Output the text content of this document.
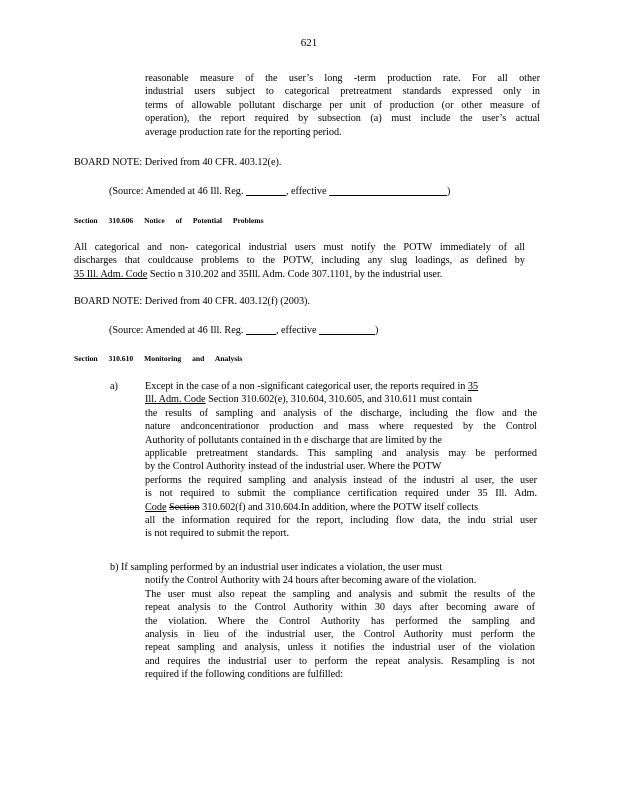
621
reasonable measure of the user’s long -term production rate. For all other
industrial users subject to categorical pretreatment standards expressed only in
terms of allowable pollutant discharge per unit of production (or other measure of
operation), the report required by subsection (a) must include the user’s actual
average production rate for the reporting period.
BOARD NOTE: Derived from 40 CFR. 403.12(e).
(Source: Amended at 46 Ill. Reg.	, effective	)
Section 310.606 Notice of Potential Problems
All categorical and non- categorical industrial users must notify the POTW immediately of all
discharges that couldcause problems to the POTW, including any slug loadings, as defined by
35 Ill. Adm. Code Sectio n 310.202 and 35Ill. Adm. Code 307.1101, by the industrial user.
BOARD NOTE: Derived from 40 CFR. 403.12(f) (2003).
(Source: Amended at 46 Ill. Reg.	, effective	)
Section 310.610 Monitoring and Analysis
a)	Except in the case of a non -significant categorical user, the reports required in 35
Ill. Adm. Code Section 310.602(e), 310.604, 310.605, and 310.611 must contain
the results of sampling and analysis of the discharge, including the flow and the
nature andconcentrationor production and mass where requested by the Control
Authority of pollutants contained in th e discharge that are limited by the
applicable pretreatment standards. This sampling and analysis may be performed
by the Control Authority instead of the industrial user. Where the POTW
performs the required sampling and analysis instead of the industri al user, the user
is not required to submit the compliance certification required under 35 Ill. Adm.
Code Section 310.602(f) and 310.604.In addition, where the POTW itself collects
all the information required for the report, including flow data, the indu strial user
is not required to submit the report.
b) If sampling performed by an industrial user indicates a violation, the user must
notify the Control Authority with 24 hours after becoming aware of the violation.
The user must also repeat the sampling and analysis and submit the results of the
repeat analysis to the Control Authority within 30 days after becoming aware of
the violation. Where the Control Authority has performed the sampling and
analysis in lieu of the industrial user, the Control Authority must perform the
repeat sampling and analysis, unless it notifies the industrial user of the violation
and requires the industrial user to perform the repeat analysis. Resampling is not
required if the following conditions are fulfilled:
